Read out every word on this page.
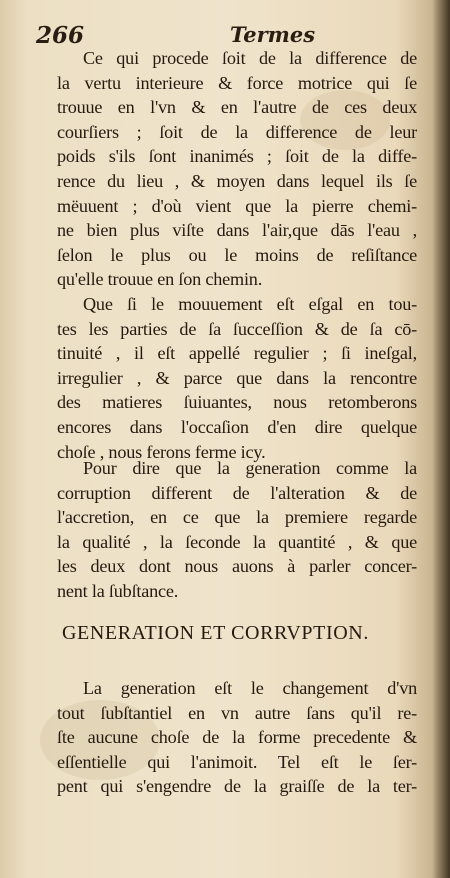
266	Termes
Ce qui procede ſoit de la difference de
la vertu interieure & force motrice qui ſe
trouue en l'vn & en l'autre de ces deux
courſiers ; ſoit de la difference de leur
poids s'ils ſont inanimés ; ſoit de la diffe-
rence du lieu , & moyen dans lequel ils ſe
mëuuent ; d'où vient que la pierre chemi-
ne bien plus viſte dans l'air,que dās l'eau ,
ſelon le plus ou le moins de reſiſtance
qu'elle trouue en ſon chemin.
Que ſi le mouuement eſt eſgal en tou-
tes les parties de ſa ſucceſſion & de ſa cō-
tinuité , il eſt appellé regulier ; ſi ineſgal,
irregulier , & parce que dans la rencontre
des matieres ſuiuantes, nous retomberons
encores dans l'occaſion d'en dire quelque
choſe , nous ferons ferme icy.
Pour dire que la generation comme la
corruption different de l'alteration & de
l'accretion, en ce que la premiere regarde
la qualité , la ſeconde la quantité , & que
les deux dont nous auons à parler concer-
nent la ſubſtance.
GENERATION ET CORRVPTION.
La generation eſt le changement d'vn
tout ſubſtantiel en vn autre ſans qu'il re-
ſte aucune choſe de la forme precedente &
eſſentielle qui l'animoit. Tel eſt le ſer-
pent qui s'engendre de la graiſſe de la ter-
